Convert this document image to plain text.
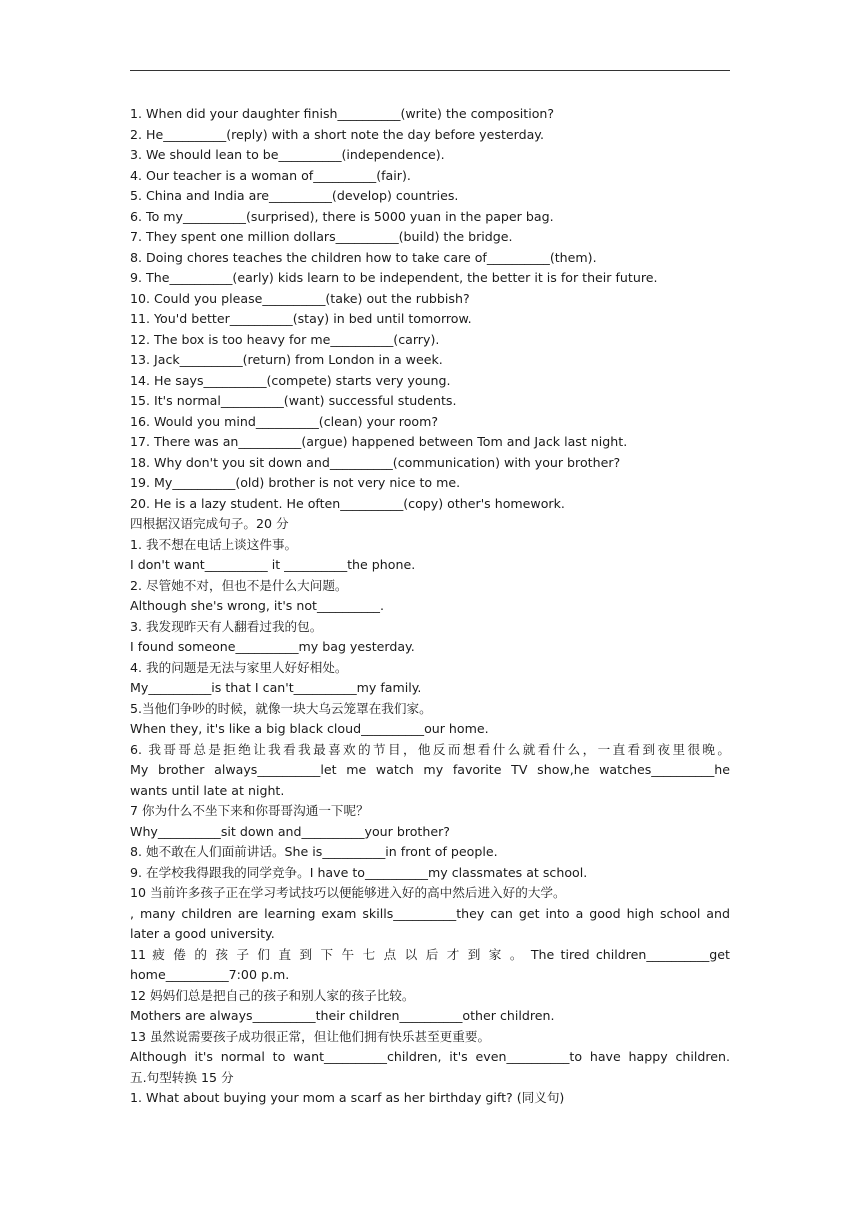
1. When did your daughter finish__________(write) the composition?
2. He__________(reply) with a short note the day before yesterday.
3. We should lean to be__________(independence).
4. Our teacher is a woman of__________(fair).
5. China and India are__________(develop) countries.
6. To my__________(surprised), there is 5000 yuan in the paper bag.
7. They spent one million dollars__________(build) the bridge.
8. Doing chores teaches the children how to take care of__________(them).
9. The__________(early) kids learn to be independent, the better it is for their future.
10. Could you please__________(take) out the rubbish?
11. You'd better__________(stay) in bed until tomorrow.
12. The box is too heavy for me__________(carry).
13. Jack__________(return) from London in a week.
14. He says__________(compete) starts very young.
15. It's normal__________(want) successful students.
16. Would you mind__________(clean) your room?
17. There was an__________(argue) happened between Tom and Jack last night.
18. Why don't you sit down and__________(communication) with your brother?
19. My__________(old) brother is not very nice to me.
20. He is a lazy student. He often__________(copy) other's homework.
四根据汉语完成句子。20 分
1. 我不想在电话上谈这件事。
I don't want__________ it __________the phone.
2. 尽管她不对，但也不是什么大问题。
Although she's wrong, it's not__________.
3. 我发现昨天有人翻看过我的包。
I found someone__________my bag yesterday.
4. 我的问题是无法与家里人好好相处。
My__________is that I can't__________my family.
5.当他们争吵的时候，就像一块大乌云笼罩在我们家。
When they, it's like a big black cloud__________our home.
6. 我哥哥总是拒绝让我看我最喜欢的节目，他反而想看什么就看什么，一直看到夜里很晚。
My brother always__________let me watch my favorite TV show,he watches__________he
wants until late at night.
7 你为什么不坐下来和你哥哥沟通一下呢？
Why__________sit down and__________your brother?
8. 她不敢在人们面前讲话。She is__________in front of people.
9. 在学校我得跟我的同学竞争。I have to__________my classmates at school.
10 当前许多孩子正在学习考试技巧以便能够进入好的高中然后进入好的大学。
, many children are learning exam skills__________they can get into a good high school and
later a good university.
11 疲 倦 的 孩 子 们 直 到 下 午 七 点 以 后 才 到 家 。 The tired children__________get
home__________7:00 p.m.
12 妈妈们总是把自己的孩子和别人家的孩子比较。
Mothers are always__________their children__________other children.
13 虽然说需要孩子成功很正常，但让他们拥有快乐甚至更重要。
Although it's normal to want__________children, it's even__________to have happy children.
五.句型转换 15 分
1. What about buying your mom a scarf as her birthday gift? (同义句)
